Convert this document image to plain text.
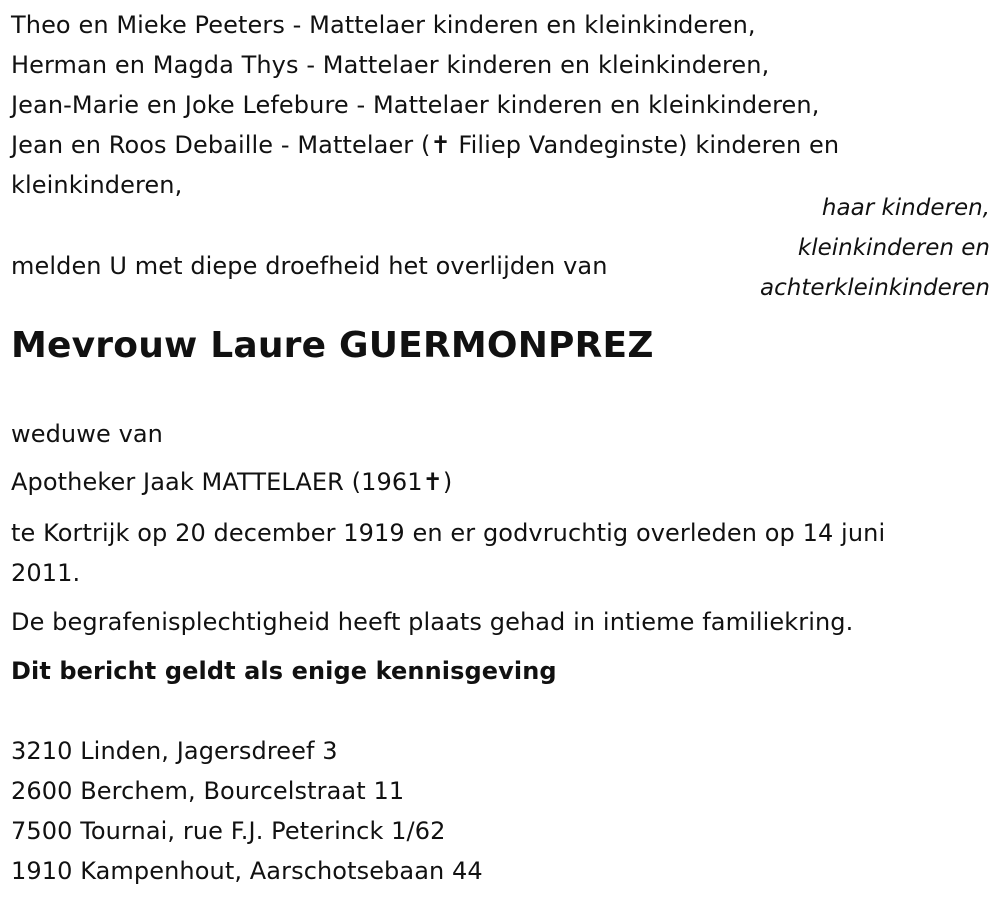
Theo en Mieke Peeters - Mattelaer kinderen en kleinkinderen,
Herman en Magda Thys - Mattelaer kinderen en kleinkinderen,
Jean-Marie en Joke Lefebure - Mattelaer kinderen en kleinkinderen,
Jean en Roos Debaille - Mattelaer (✝ Filiep Vandeginste) kinderen en
kleinkinderen,
haar kinderen,
kleinkinderen en
achterkleinkinderen
melden U met diepe droefheid het overlijden van
Mevrouw Laure GUERMONPREZ
weduwe van
Apotheker Jaak MATTELAER (1961✝)
te Kortrijk op 20 december 1919 en er godvruchtig overleden op 14 juni
2011.
De begrafenisplechtigheid heeft plaats gehad in intieme familiekring.
Dit bericht geldt als enige kennisgeving
3210 Linden, Jagersdreef 3
2600 Berchem, Bourcelstraat 11
7500 Tournai, rue F.J. Peterinck 1/62
1910 Kampenhout, Aarschotsebaan 44
